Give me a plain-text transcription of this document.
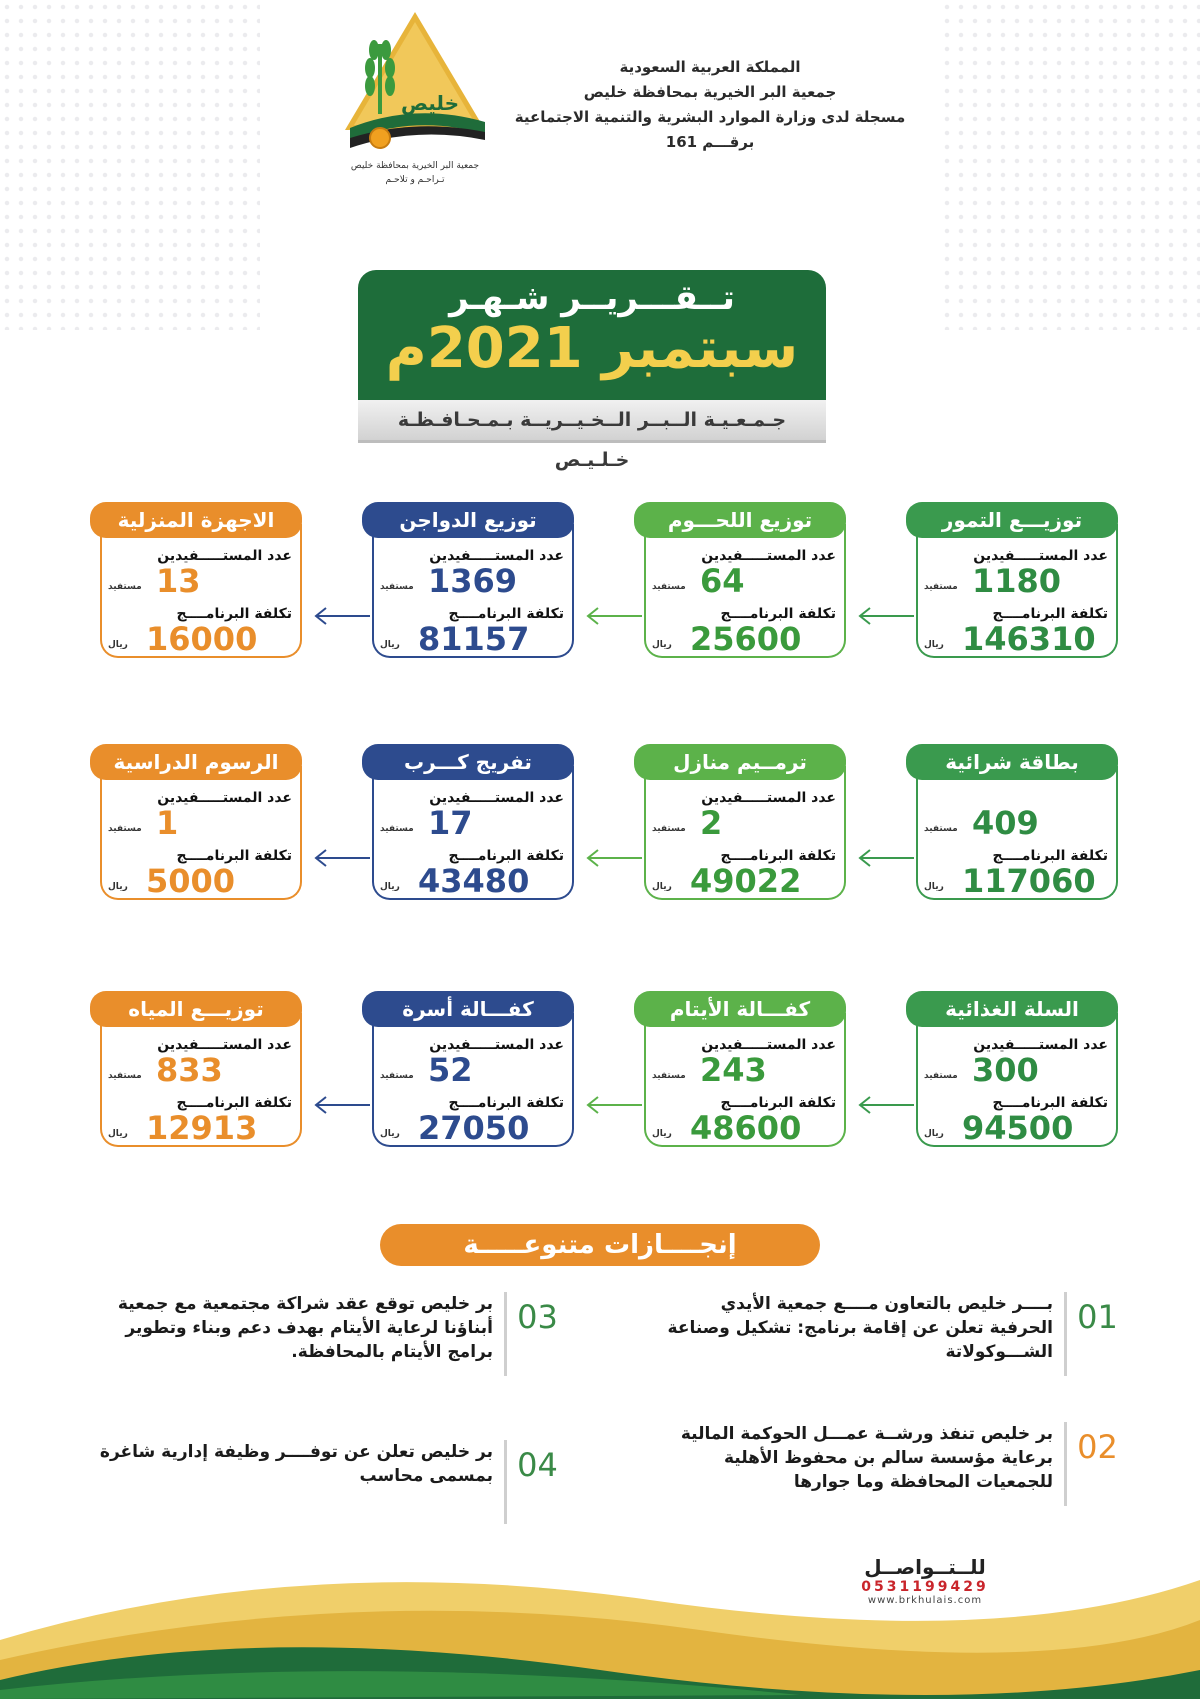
خليص
جمعية البر الخيرية بمحافظة خليص
تـراحـم و تلاحـم
المملكة العربية السعودية
جمعية البر الخيرية بمحافظة خليص
مسجلة لدى وزارة الموارد البشرية والتنمية الاجتماعية
برقـــم 161
تــقـــريــر شـهـر
سبتمبر 2021م
جـمـعـيـة الــبــر الــخـيــريــة بـمـحـافـظـة خـلـيـص
توزيـــع التمور
عدد المستـــــفيدين
1180
مستفيد
تكلفة البرنامــــج
146310
ريال
توزيع اللحـــوم
عدد المستـــــفيدين
64
مستفيد
تكلفة البرنامــــج
25600
ريال
توزيع الدواجن
عدد المستـــــفيدين
1369
مستفيد
تكلفة البرنامــــج
81157
ريال
الاجهزة المنزلية
عدد المستـــــفيدين
13
مستفيد
تكلفة البرنامــــج
16000
ريال
بطاقة شرائية
409
مستفيد
تكلفة البرنامــــج
117060
ريال
ترمــيم منازل
عدد المستـــــفيدين
2
مستفيد
تكلفة البرنامــــج
49022
ريال
تفريج كـــرب
عدد المستـــــفيدين
17
مستفيد
تكلفة البرنامــــج
43480
ريال
الرسوم الدراسية
عدد المستـــــفيدين
1
مستفيد
تكلفة البرنامــــج
5000
ريال
السلة الغذائية
عدد المستـــــفيدين
300
مستفيد
تكلفة البرنامــــج
94500
ريال
كفـــالة الأيتام
عدد المستـــــفيدين
243
مستفيد
تكلفة البرنامــــج
48600
ريال
كفـــالة أسرة
عدد المستـــــفيدين
52
مستفيد
تكلفة البرنامــــج
27050
ريال
توزيـــع المياه
عدد المستـــــفيدين
833
مستفيد
تكلفة البرنامــــج
12913
ريال
إنجــــازات متنوعـــــة
01
بــــر خليص بالتعاون مــــع جمعية الأيدي الحرفية تعلن عن إقامة برنامج: تشكيل وصناعة الشـــوكولاتة
02
بر خليص تنفذ ورشــة عمـــل الحوكمة المالية برعاية مؤسسة سالم بن محفوظ الأهلية للجمعيات المحافظة وما جوارها
03
بر خليص توقع عقد شراكة مجتمعية مع جمعية أبناؤنا لرعاية الأيتام بهدف دعم وبناء وتطوير برامج الأيتام بالمحافظة.
04
بر خليص تعلن عن توفــــر وظيفة إدارية شاغرة بمسمى محاسب
للــتــواصــل
0531199429
www.brkhulais.com
